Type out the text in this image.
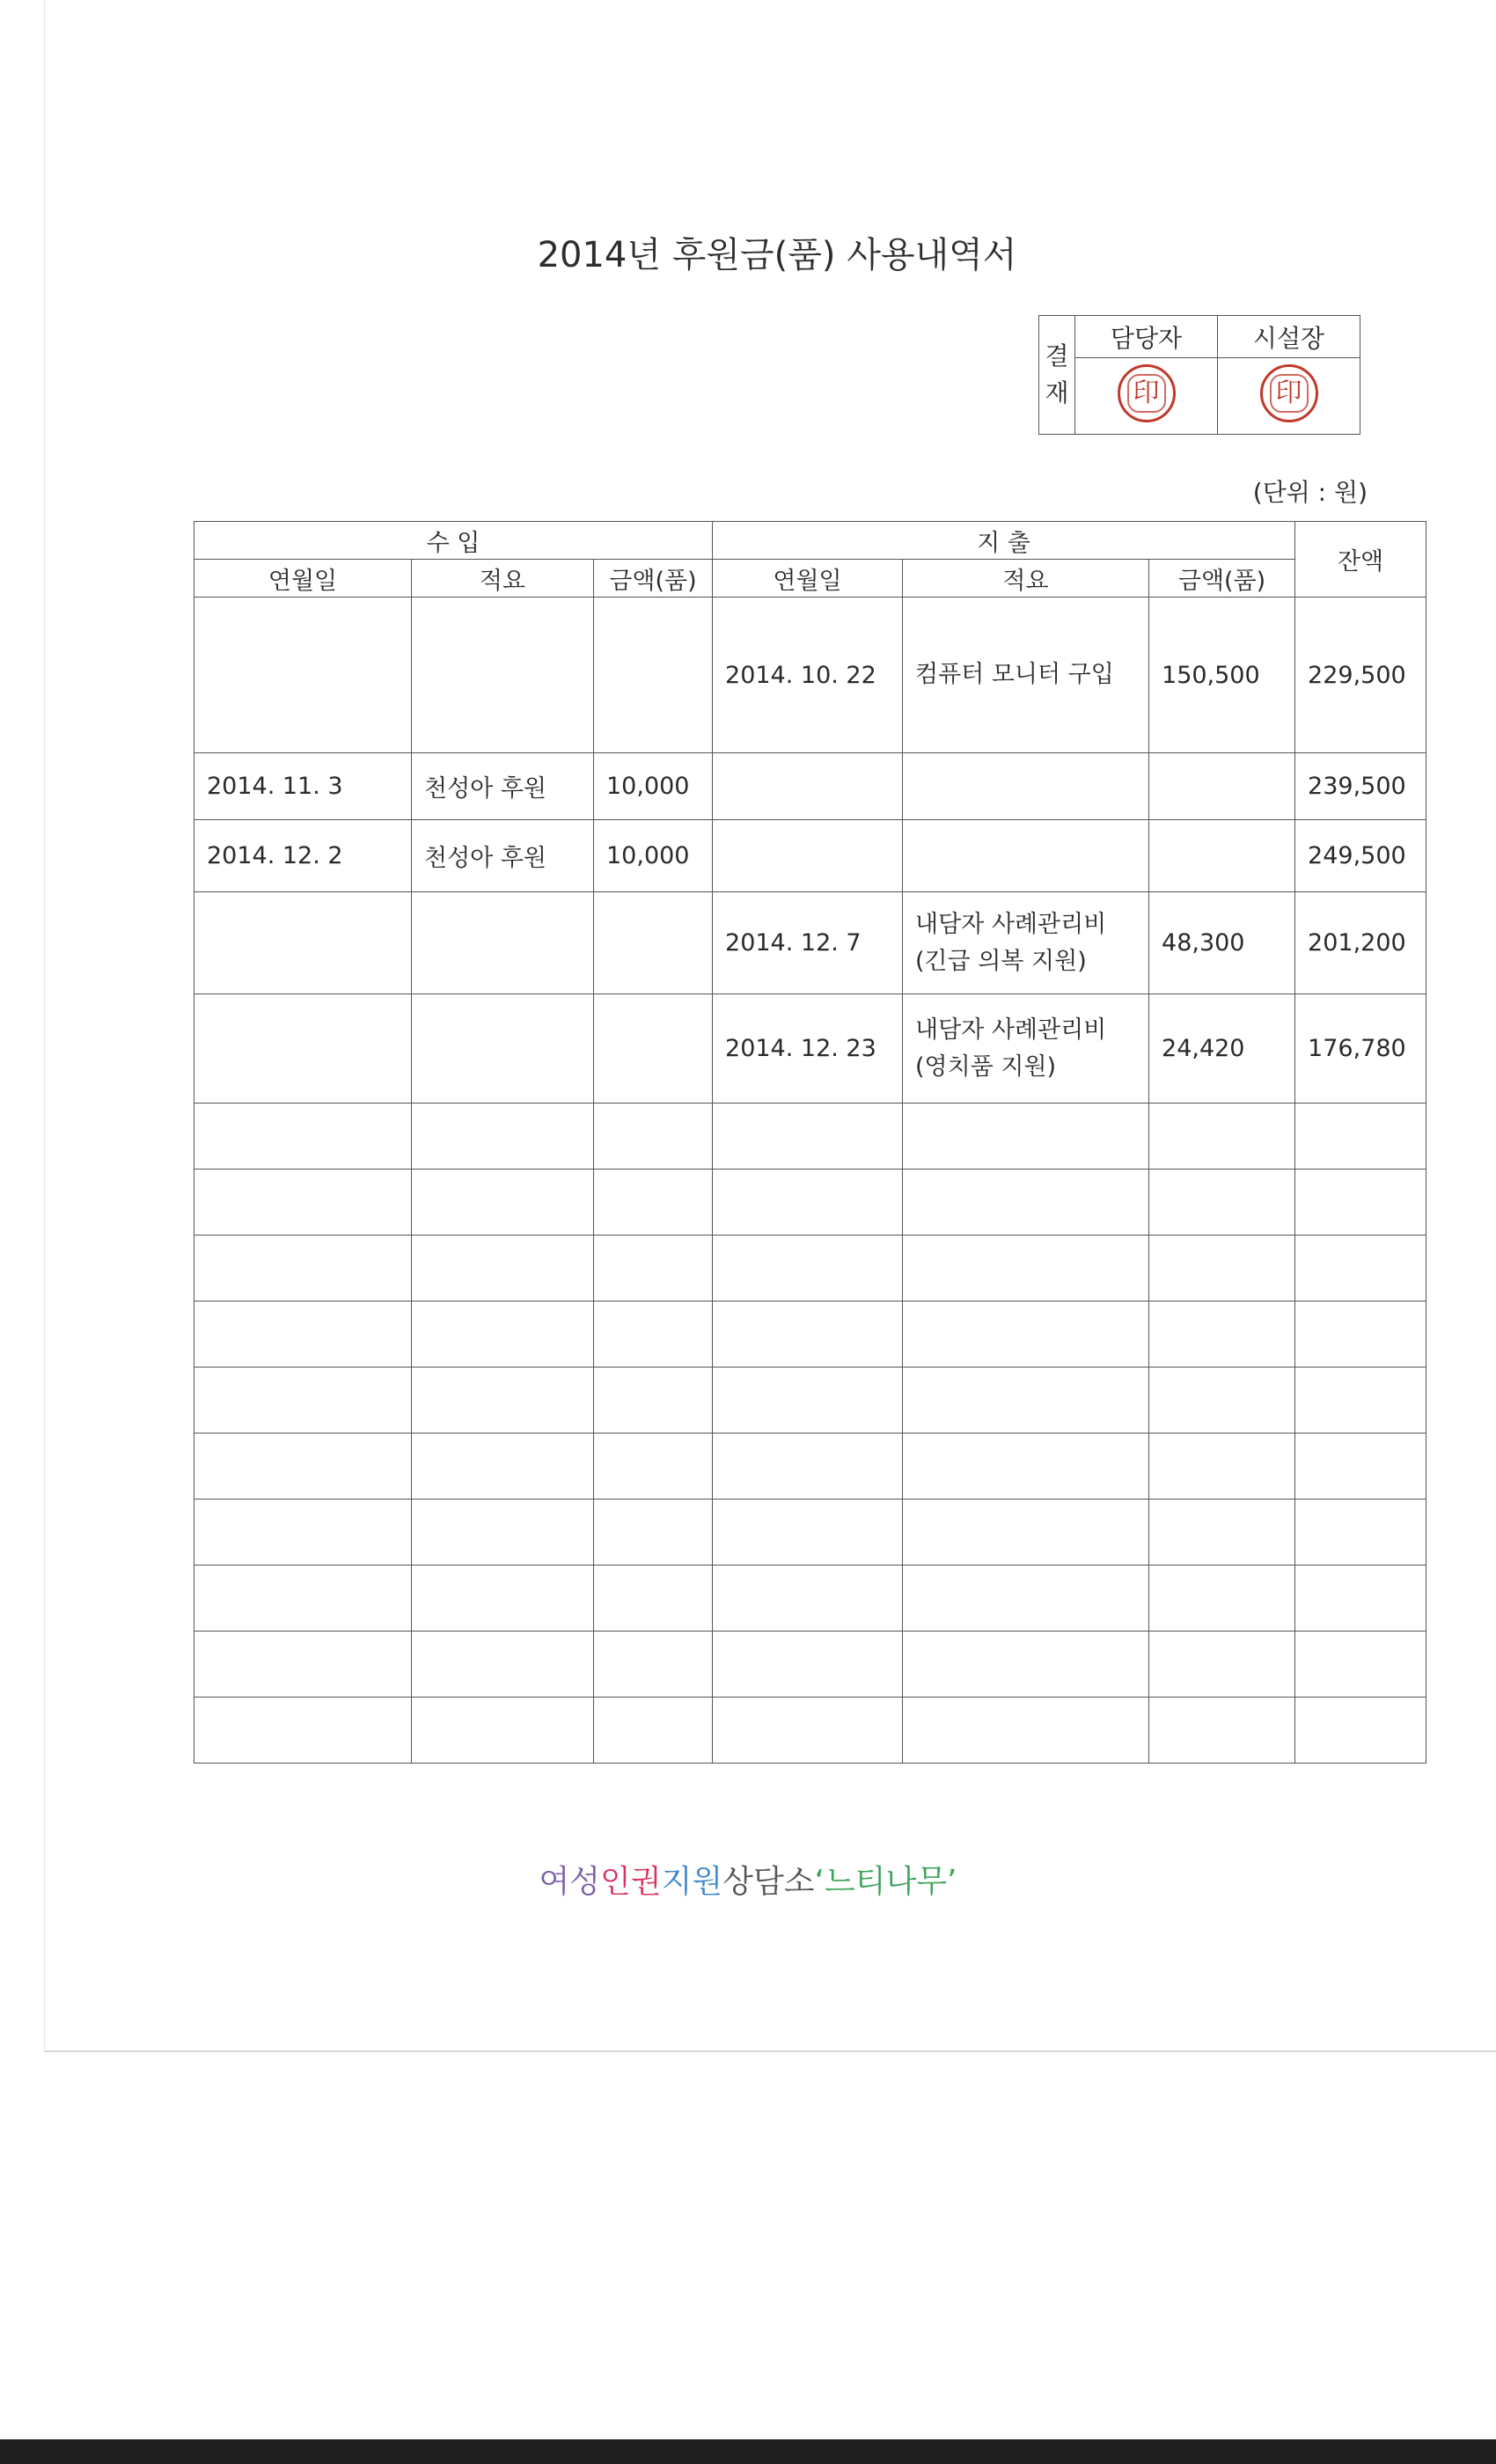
2014년 후원금(품) 사용내역서
결
재	담당자	시설장

	印	印
(단위 : 원)
수 입			지 출			잔액
연월일	적요	금액(품)	연월일	적요	금액(품)	
			2014. 10. 22	컴퓨터 모니터 구입	150,500	229,500
2014. 11. 3	천성아 후원	10,000				239,500
2014. 12. 2	천성아 후원	10,000				249,500
			2014. 12. 7	내담자 사례관리비
(긴급 의복 지원)	48,300	201,200
			2014. 12. 23	내담자 사례관리비
(영치품 지원)	24,420	176,780

여성인권지원상담소‘느티나무’
